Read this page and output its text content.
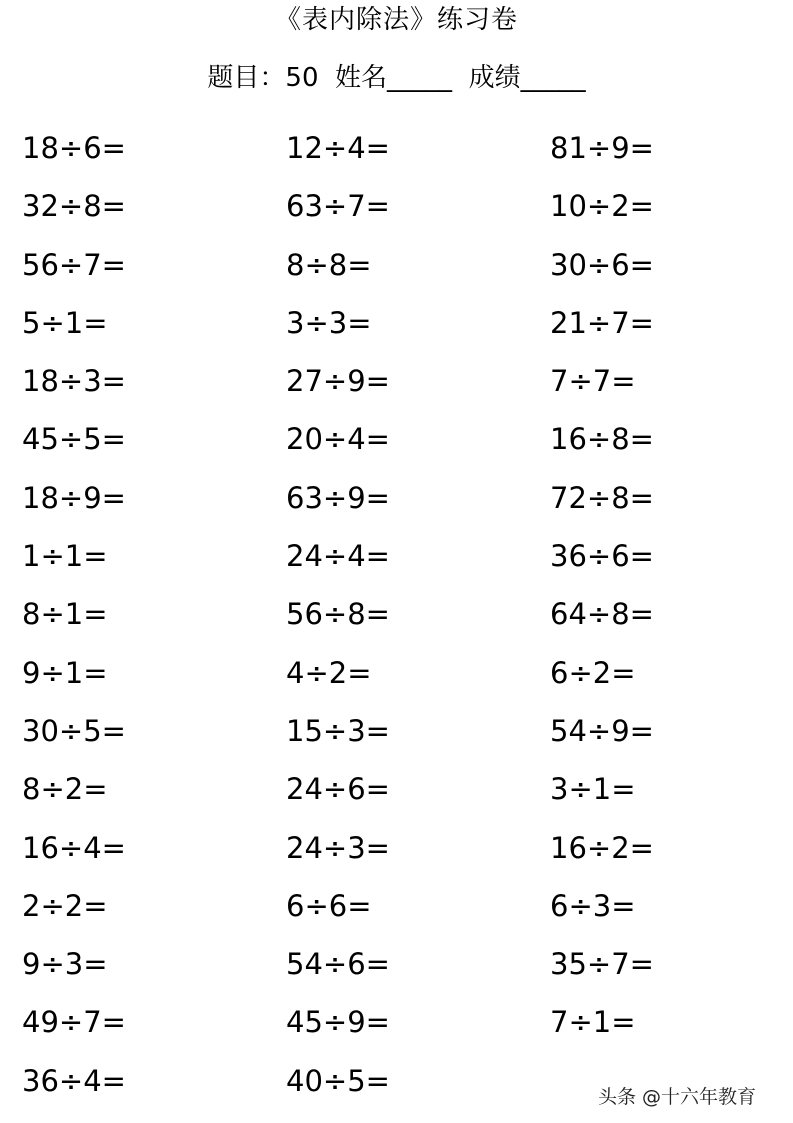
《表内除法》练习卷
题目：50  姓名_____  成绩_____
18÷6=	12÷4=	81÷9=
32÷8=	63÷7=	10÷2=
56÷7=	8÷8=	30÷6=
5÷1=	3÷3=	21÷7=
18÷3=	27÷9=	7÷7=
45÷5=	20÷4=	16÷8=
18÷9=	63÷9=	72÷8=
1÷1=	24÷4=	36÷6=
8÷1=	56÷8=	64÷8=
9÷1=	4÷2=	6÷2=
30÷5=	15÷3=	54÷9=
8÷2=	24÷6=	3÷1=
16÷4=	24÷3=	16÷2=
2÷2=	6÷6=	6÷3=
9÷3=	54÷6=	35÷7=
49÷7=	45÷9=	7÷1=
36÷4=	40÷5=	头条 @十六年教育
